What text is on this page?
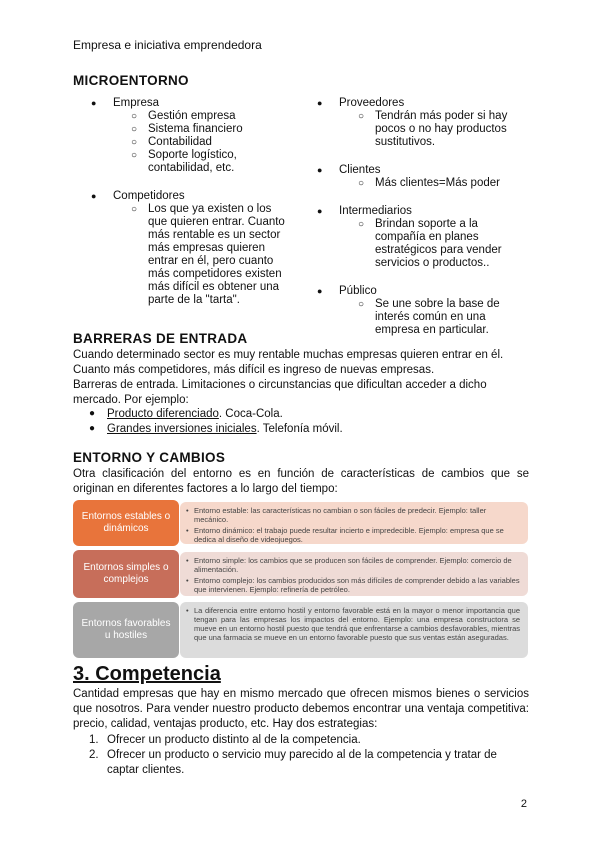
Empresa e iniciativa emprendedora
MICROENTORNO
● Empresa
○ Gestión empresa
○ Sistema financiero
○ Contabilidad
○ Soporte logístico, contabilidad, etc.
● Competidores
○ Los que ya existen o los que quieren entrar. Cuanto más rentable es un sector más empresas quieren entrar en él, pero cuanto más competidores existen más difícil es obtener una parte de la "tarta".
● Proveedores
○ Tendrán más poder si hay pocos o no hay productos sustitutivos.
● Clientes
○ Más clientes=Más poder
● Intermediarios
○ Brindan soporte a la compañía en planes estratégicos para vender servicios o productos..
● Público
○ Se une sobre la base de interés común en una empresa en particular.
BARRERAS DE ENTRADA
Cuando determinado sector es muy rentable muchas empresas quieren entrar en él. Cuanto más competidores, más difícil es ingreso de nuevas empresas.
Barreras de entrada. Limitaciones o circunstancias que dificultan acceder a dicho mercado. Por ejemplo:
● Producto diferenciado. Coca-Cola.
● Grandes inversiones iniciales. Telefonía móvil.
ENTORNO Y CAMBIOS
Otra clasificación del entorno es en función de características de cambios que se originan en diferentes factores a lo largo del tiempo:
• Entorno estable: las características no cambian o son fáciles de predecir. Ejemplo: taller mecánico.
• Entorno dinámico: el trabajo puede resultar incierto e impredecible. Ejemplo: empresa que se dedica al diseño de videojuegos.
Entornos estables o dinámicos
• Entorno simple: los cambios que se producen son fáciles de comprender. Ejemplo: comercio de alimentación.
• Entorno complejo: los cambios producidos son más difíciles de comprender debido a las variables que intervienen. Ejemplo: refinería de petróleo.
Entornos simples o complejos
• La diferencia entre entorno hostil y entorno favorable está en la mayor o menor importancia que tengan para las empresas los impactos del entorno. Ejemplo: una empresa constructora se mueve en un entorno hostil puesto que tendrá que enfrentarse a cambios desfavorables, mientras que una farmacia se mueve en un entorno favorable puesto que sus ventas están aseguradas.
Entornos favorables u hostiles
3. Competencia
Cantidad empresas que hay en mismo mercado que ofrecen mismos bienes o servicios que nosotros. Para vender nuestro producto debemos encontrar una ventaja competitiva: precio, calidad, ventajas producto, etc. Hay dos estrategias:
1. Ofrecer un producto distinto al de la competencia.
2. Ofrecer un producto o servicio muy parecido al de la competencia y tratar de captar clientes.
2
